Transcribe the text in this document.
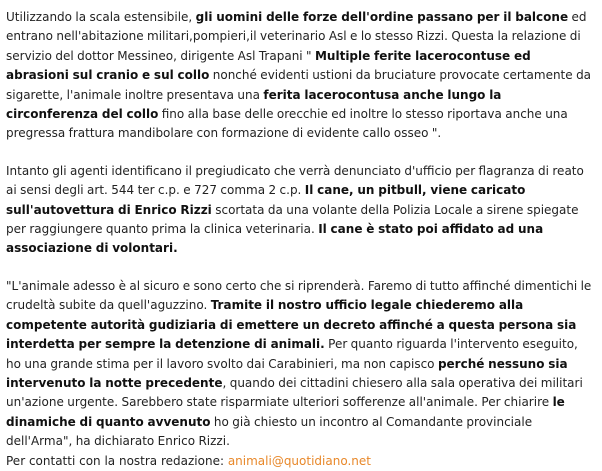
Utilizzando la scala estensibile, gli uomini delle forze dell'ordine passano per il balcone ed entrano nell'abitazione militari,pompieri,il veterinario Asl e lo stesso Rizzi. Questa la relazione di servizio del dottor Messineo, dirigente Asl Trapani " Multiple ferite lacerocontuse ed abrasioni sul cranio e sul collo nonché evidenti ustioni da bruciature provocate certamente da sigarette, l'animale inoltre presentava una ferita lacerocontusa anche lungo la circonferenza del collo fino alla base delle orecchie ed inoltre lo stesso riportava anche una pregressa frattura mandibolare con formazione di evidente callo osseo ".

Intanto gli agenti identificano il pregiudicato che verrà denunciato d'ufficio per flagranza di reato ai sensi degli art. 544 ter c.p. e 727 comma 2 c.p. Il cane, un pitbull, viene caricato sull'autovettura di Enrico Rizzi scortata da una volante della Polizia Locale a sirene spiegate per raggiungere quanto prima la clinica veterinaria. Il cane è stato poi affidato ad una associazione di volontari.

"L'animale adesso è al sicuro e sono certo che si riprenderà. Faremo di tutto affinché dimentichi le crudeltà subite da quell'aguzzino. Tramite il nostro ufficio legale chiederemo alla competente autorità gudiziaria di emettere un decreto affinché a questa persona sia interdetta per sempre la detenzione di animali. Per quanto riguarda l'intervento eseguito, ho una grande stima per il lavoro svolto dai Carabinieri, ma non capisco perché nessuno sia intervenuto la notte precedente, quando dei cittadini chiesero alla sala operativa dei militari un'azione urgente. Sarebbero state risparmiate ulteriori sofferenze all'animale. Per chiarire le dinamiche di quanto avvenuto ho già chiesto un incontro al Comandante provinciale dell'Arma", ha dichiarato Enrico Rizzi.

Per contatti con la nostra redazione: animali@quotidiano.net
